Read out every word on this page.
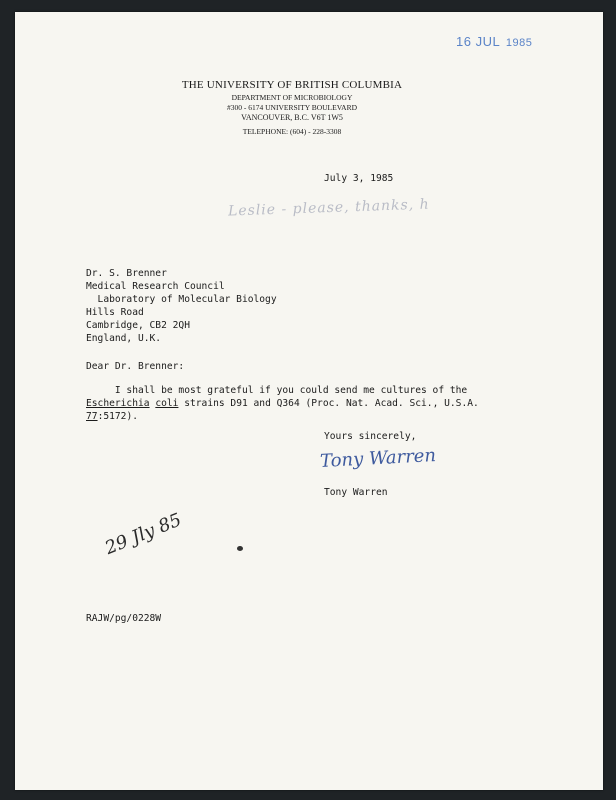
16 JUL 1985
THE UNIVERSITY OF BRITISH COLUMBIA
DEPARTMENT OF MICROBIOLOGY
#300 - 6174 UNIVERSITY BOULEVARD
VANCOUVER, B.C. V6T 1W5
TELEPHONE: (604) - 228-3308
July 3, 1985
Leslie - please, thanks, h
Dr. S. Brenner
Medical Research Council
Laboratory of Molecular Biology
Hills Road
Cambridge, CB2 2QH
England, U.K.
Dear Dr. Brenner:
I shall be most grateful if you could send me cultures of the
Escherichia coli strains D91 and Q364 (Proc. Nat. Acad. Sci., U.S.A.
77:5172).
Yours sincerely,
Tony Warren
Tony Warren
29 Jly 85
RAJW/pg/0228W
